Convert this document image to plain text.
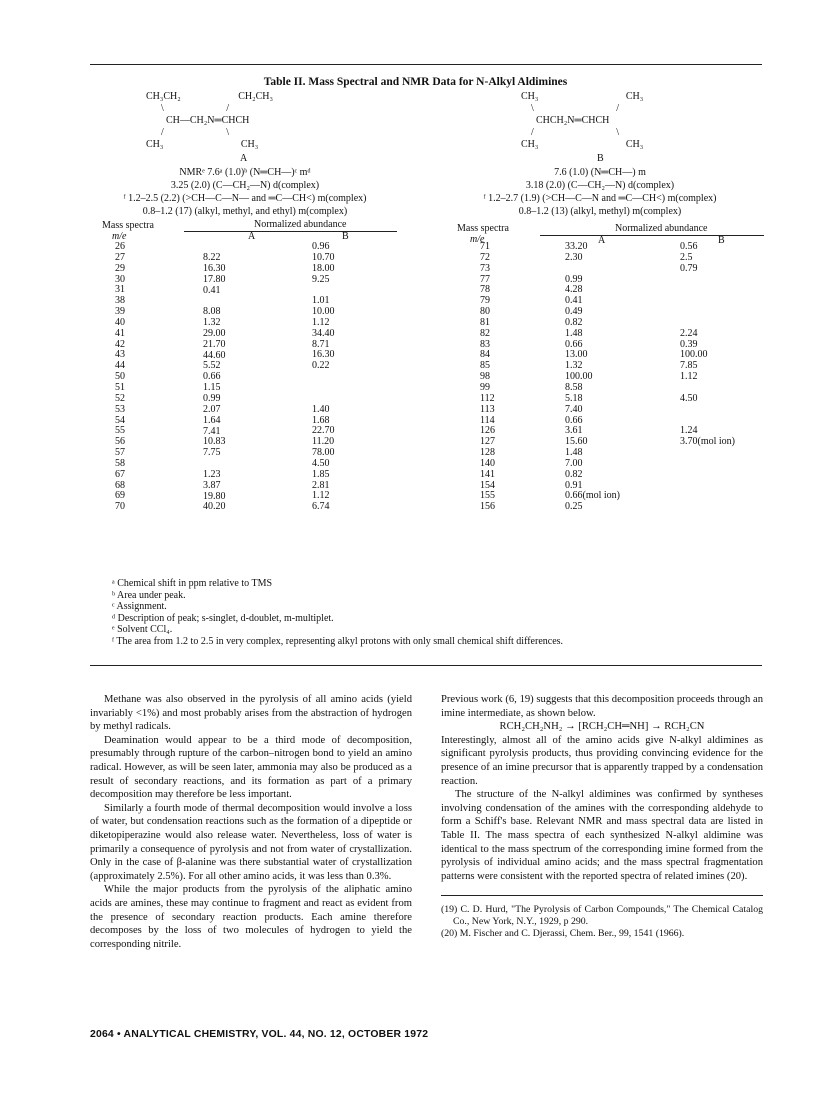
Table II. Mass Spectral and NMR Data for N-Alkyl Aldimines
CH₃CH₂                       CH₂CH₃
\                         /
CH—CH₂N═CHCH
/                         \
CH₃                               CH₃
A
NMRᵉ 7.6ᵃ (1.0)ᵇ (N═CH—)ᶜ mᵈ
3.25 (2.0) (C—CH₂—N) d(complex)
ᶠ 1.2–2.5 (2.2) (>CH—C—N— and ═C—CH<) m(complex)
0.8–1.2 (17) (alkyl, methyl, and ethyl) m(complex)
CH₃                                   CH₃
\                                 /
CHCH₂N═CHCH
/                                 \
CH₃                                   CH₃
B
7.6 (1.0) (N═CH—) m
3.18 (2.0) (C—CH₂—N) d(complex)
ᶠ 1.2–2.7 (1.9) (>CH—C—N and ═C—CH<) m(complex)
0.8–1.2 (13) (alkyl, methyl) m(complex)
Mass spectra
m/e
Normalized abundance
A	B
Mass spectra
m/e
Normalized abundance
A	B
26
27
29
30
31
38
39
40
41
42
43
44
50
51
52
53
54
55
56
57
58
67
68
69
70
8.22
16.30
17.80
0.41
8.08
1.32
29.00
21.70
44.60
5.52
0.66
1.15
0.99
2.07
1.64
7.41
10.83
7.75
1.23
3.87
19.80
40.20
0.96
10.70
18.00
9.25
1.01
10.00
1.12
34.40
8.71
16.30
0.22
1.40
1.68
22.70
11.20
78.00
4.50
1.85
2.81
1.12
6.74
71
72
73
77
78
79
80
81
82
83
84
85
98
99
112
113
114
126
127
128
140
141
154
155
156
33.20
2.30
0.99
4.28
0.41
0.49
0.82
1.48
0.66
13.00
1.32
100.00
8.58
5.18
7.40
0.66
3.61
15.60
1.48
7.00
0.82
0.91
0.66(mol ion)
0.25
0.56
2.5
0.79
2.24
0.39
100.00
7.85
1.12
4.50
1.24
3.70(mol ion)
ᵃ Chemical shift in ppm relative to TMS
ᵇ Area under peak.
ᶜ Assignment.
ᵈ Description of peak; s-singlet, d-doublet, m-multiplet.
ᵉ Solvent CCl₄.
ᶠ The area from 1.2 to 2.5 in very complex, representing alkyl protons with only small chemical shift differences.

Methane was also observed in the pyrolysis of all amino acids (yield invariably <1%) and most probably arises from the abstraction of hydrogen by methyl radicals.

Deamination would appear to be a third mode of decomposition, presumably through rupture of the carbon–nitrogen bond to yield an amino radical. However, as will be seen later, ammonia may also be produced as a result of secondary reactions, and its formation as part of a primary decomposition may therefore be less important.

Similarly a fourth mode of thermal decomposition would involve a loss of water, but condensation reactions such as the formation of a dipeptide or diketopiperazine would also release water. Nevertheless, loss of water is primarily a consequence of pyrolysis and not from water of crystallization. Only in the case of β-alanine was there substantial water of crystallization (approximately 2.5%). For all other amino acids, it was less than 0.3%.

While the major products from the pyrolysis of the aliphatic amino acids are amines, these may continue to fragment and react as evident from the presence of secondary reaction products. Each amine therefore decomposes by the loss of two molecules of hydrogen to yield the corresponding nitrile.

Previous work (6, 19) suggests that this decomposition proceeds through an imine intermediate, as shown below.

RCH₂CH₂NH₂ → [RCH₂CH═NH] → RCH₂CN

Interestingly, almost all of the amino acids give N-alkyl aldimines as significant pyrolysis products, thus providing convincing evidence for the presence of an imine precursor that is apparently trapped by a condensation reaction.

The structure of the N-alkyl aldimines was confirmed by syntheses involving condensation of the amines with the corresponding aldehyde to form a Schiff's base. Relevant NMR and mass spectral data are listed in Table II. The mass spectra of each synthesized N-alkyl aldimine was identical to the mass spectrum of the corresponding imine formed from the pyrolysis of individual amino acids; and the mass spectral fragmentation patterns were consistent with the reported spectra of related imines (20).

(19) C. D. Hurd, "The Pyrolysis of Carbon Compounds," The Chemical Catalog Co., New York, N.Y., 1929, p 290.

(20) M. Fischer and C. Djerassi, Chem. Ber., 99, 1541 (1966).

2064 • ANALYTICAL CHEMISTRY, VOL. 44, NO. 12, OCTOBER 1972
